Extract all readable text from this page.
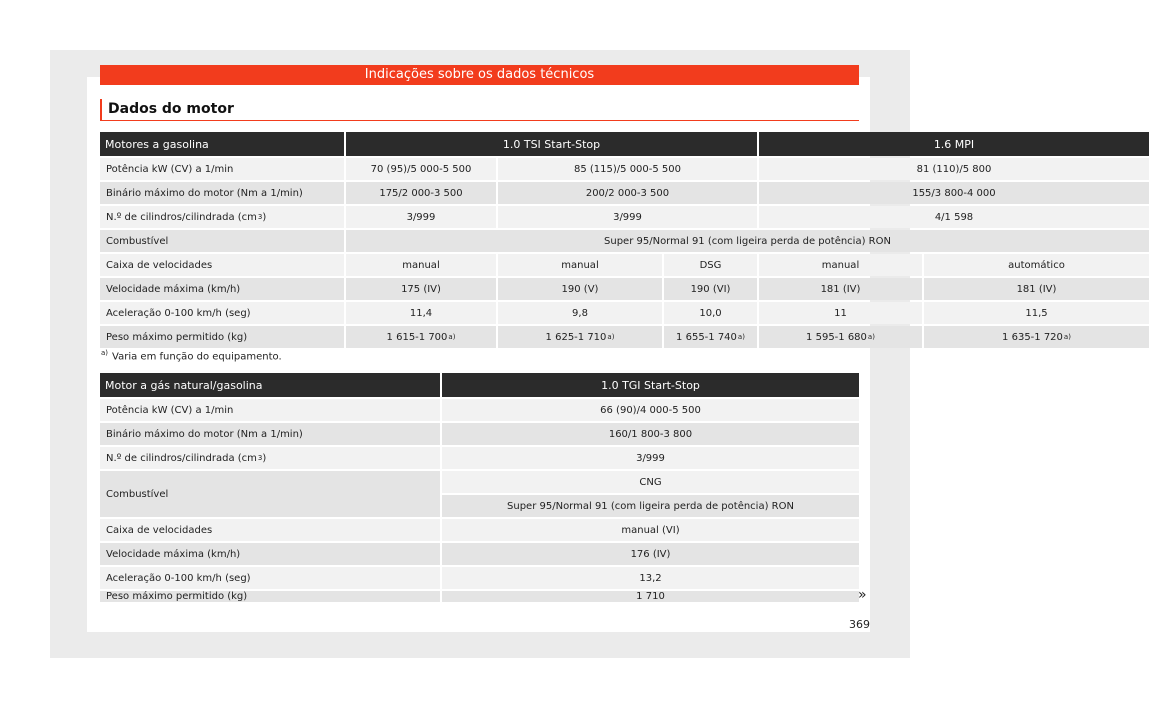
Indicações sobre os dados técnicos
Dados do motor
Motores a gasolina	1.0 TSI Start-Stop	1.6 MPI
Potência kW (CV) a 1/min	70 (95)/5 000-5 500	85 (115)/5 000-5 500	81 (110)/5 800
Binário máximo do motor (Nm a 1/min)	175/2 000-3 500	200/2 000-3 500	155/3 800-4 000
N.º de cilindros/cilindrada (cm 3 )	3/999	3/999	4/1 598
Combustível	Super 95/Normal 91 (com ligeira perda de potência) RON
Caixa de velocidades	manual	manual	DSG	manual	automático
Velocidade máxima (km/h)	175 (IV)	190 (V)	190 (VI)	181 (IV)	181 (IV)
Aceleração 0-100 km/h (seg)	11,4	9,8	10,0	11	11,5
Peso máximo permitido (kg)	1 615-1 700 a)	1 625-1 710 a)	1 655-1 740 a)	1 595-1 680 a)	1 635-1 720 a)
$^{a)}$ Varia em função do equipamento.
Motor a gás natural/gasolina	1.0 TGI Start-Stop
Potência kW (CV) a 1/min	66 (90)/4 000-5 500
Binário máximo do motor (Nm a 1/min)	160/1 800-3 800
N.º de cilindros/cilindrada (cm 3 )	3/999
Combustível
CNG
Super 95/Normal 91 (com ligeira perda de potência) RON
Caixa de velocidades	manual (VI)
Velocidade máxima (km/h)	176 (IV)
Aceleração 0-100 km/h (seg)	13,2
Peso máximo permitido (kg)	1 710	»
369
